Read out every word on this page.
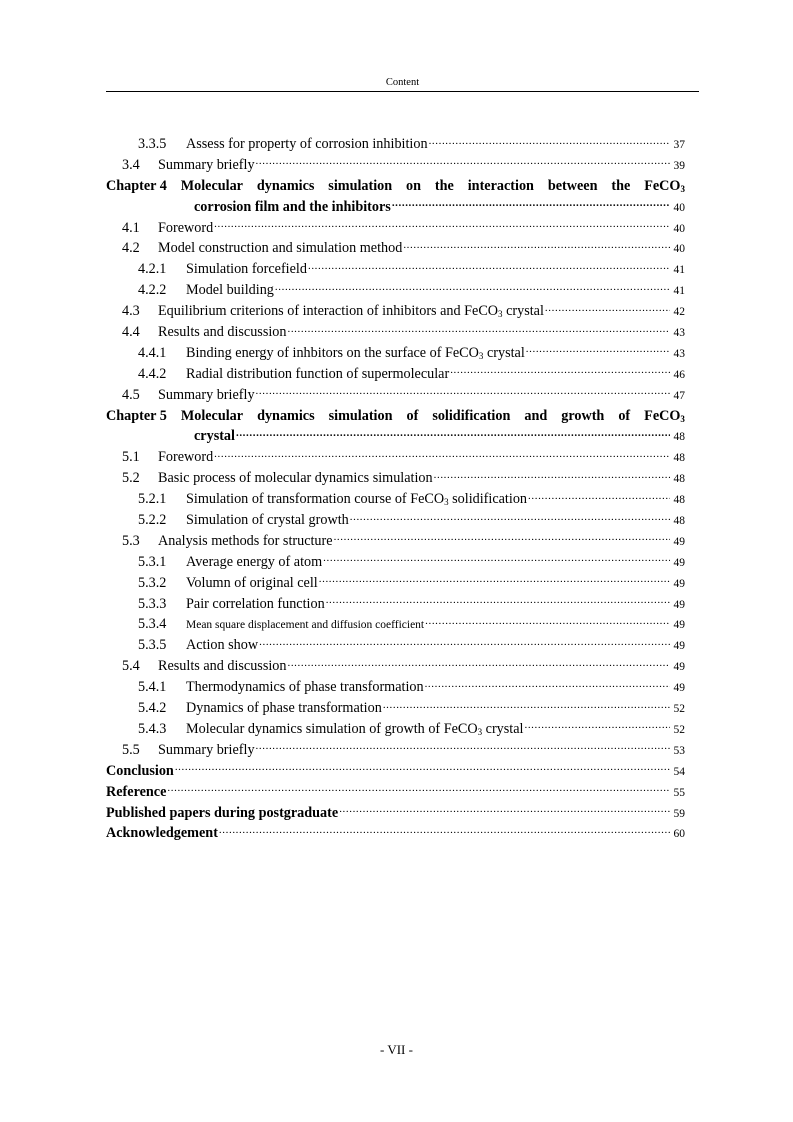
Content
3.3.5	Assess for property of corrosion inhibition .....	37
3.4	Summary briefly .....	39
Chapter 4 Molecular dynamics simulation on the interaction between the FeCO$_3$
corrosion film and the inhibitors .....	40
4.1	Foreword .....	40
4.2	Model construction and simulation method .....	40
4.2.1	Simulation forcefield .....	41
4.2.2	Model building .....	41
4.3	Equilibrium criterions of interaction of inhibitors and FeCO$_3$ crystal .....	42
4.4	Results and discussion .....	43
4.4.1	Binding energy of inhbitors on the surface of FeCO$_3$ crystal .....	43
4.4.2	Radial distribution function of supermolecular .....	46
4.5	Summary briefly .....	47
Chapter 5 Molecular dynamics simulation of solidification and growth of FeCO$_3$
crystal .....	48
5.1	Foreword .....	48
5.2	Basic process of molecular dynamics simulation .....	48
5.2.1	Simulation of transformation course of FeCO$_3$ solidification .....	48
5.2.2	Simulation of crystal growth .....	48
5.3	Analysis methods for structure .....	49
5.3.1	Average energy of atom .....	49
5.3.2	Volumn of original cell .....	49
5.3.3	Pair correlation function .....	49
5.3.4	Mean square displacement and diffusion coefficient .....	49
5.3.5	Action show .....	49
5.4	Results and discussion .....	49
5.4.1	Thermodynamics of phase transformation .....	49
5.4.2	Dynamics of phase transformation .....	52
5.4.3	Molecular dynamics simulation of growth of FeCO$_3$ crystal .....	52
5.5	Summary briefly .....	53
Conclusion .....	54
Reference .....	55
Published papers during postgraduate .....	59
Acknowledgement .....	60
- VII -
